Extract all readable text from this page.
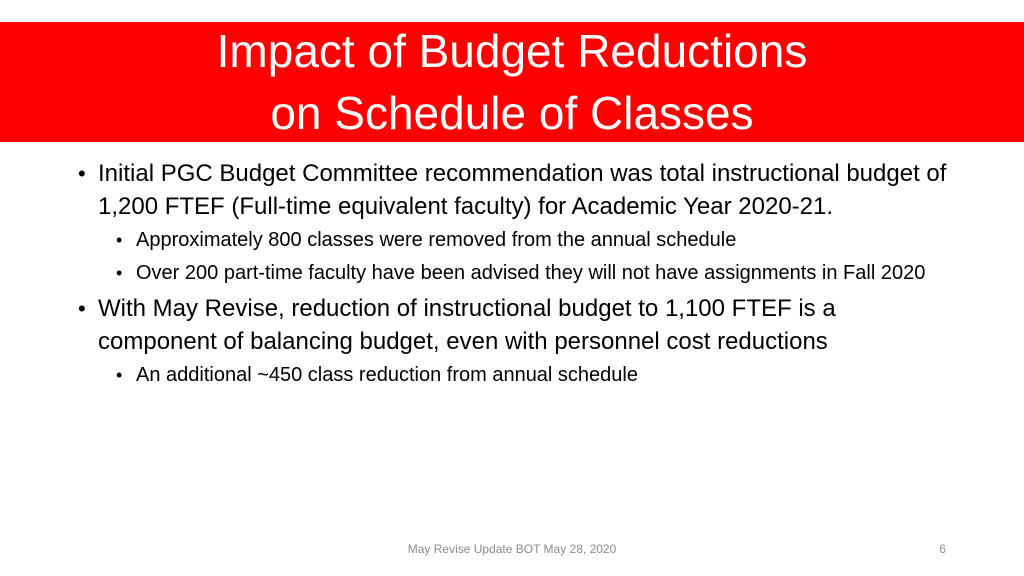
Impact of Budget Reductions
on Schedule of Classes
• Initial PGC Budget Committee recommendation was total instructional budget of 1,200 FTEF (Full-time equivalent faculty) for Academic Year 2020-21.
• Approximately 800 classes were removed from the annual schedule
• Over 200 part-time faculty have been advised they will not have assignments in Fall 2020
• With May Revise, reduction of instructional budget to 1,100 FTEF is a component of balancing budget, even with personnel cost reductions
• An additional ~450 class reduction from annual schedule
May Revise Update BOT May 28, 2020	6
